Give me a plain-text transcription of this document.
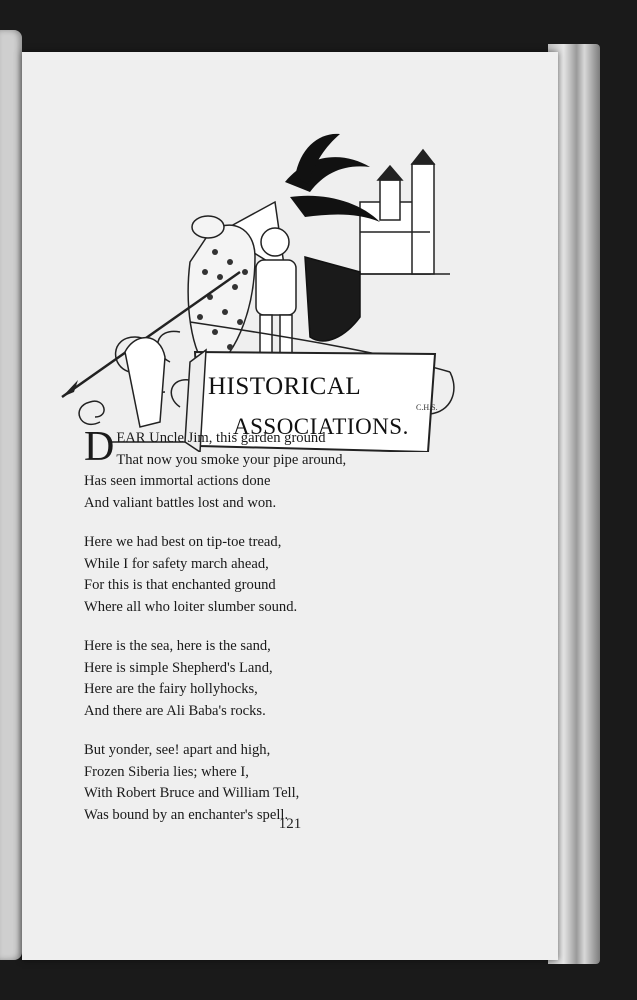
HISTORICAL
ASSOCIATIONS.
C.H.S.
D EAR Uncle Jim, this garden ground
That now you smoke your pipe around,
Has seen immortal actions done
And valiant battles lost and won.
Here we had best on tip-toe tread,
While I for safety march ahead,
For this is that enchanted ground
Where all who loiter slumber sound.
Here is the sea, here is the sand,
Here is simple Shepherd's Land,
Here are the fairy hollyhocks,
And there are Ali Baba's rocks.
But yonder, see! apart and high,
Frozen Siberia lies; where I,
With Robert Bruce and William Tell,
Was bound by an enchanter's spell.
121
